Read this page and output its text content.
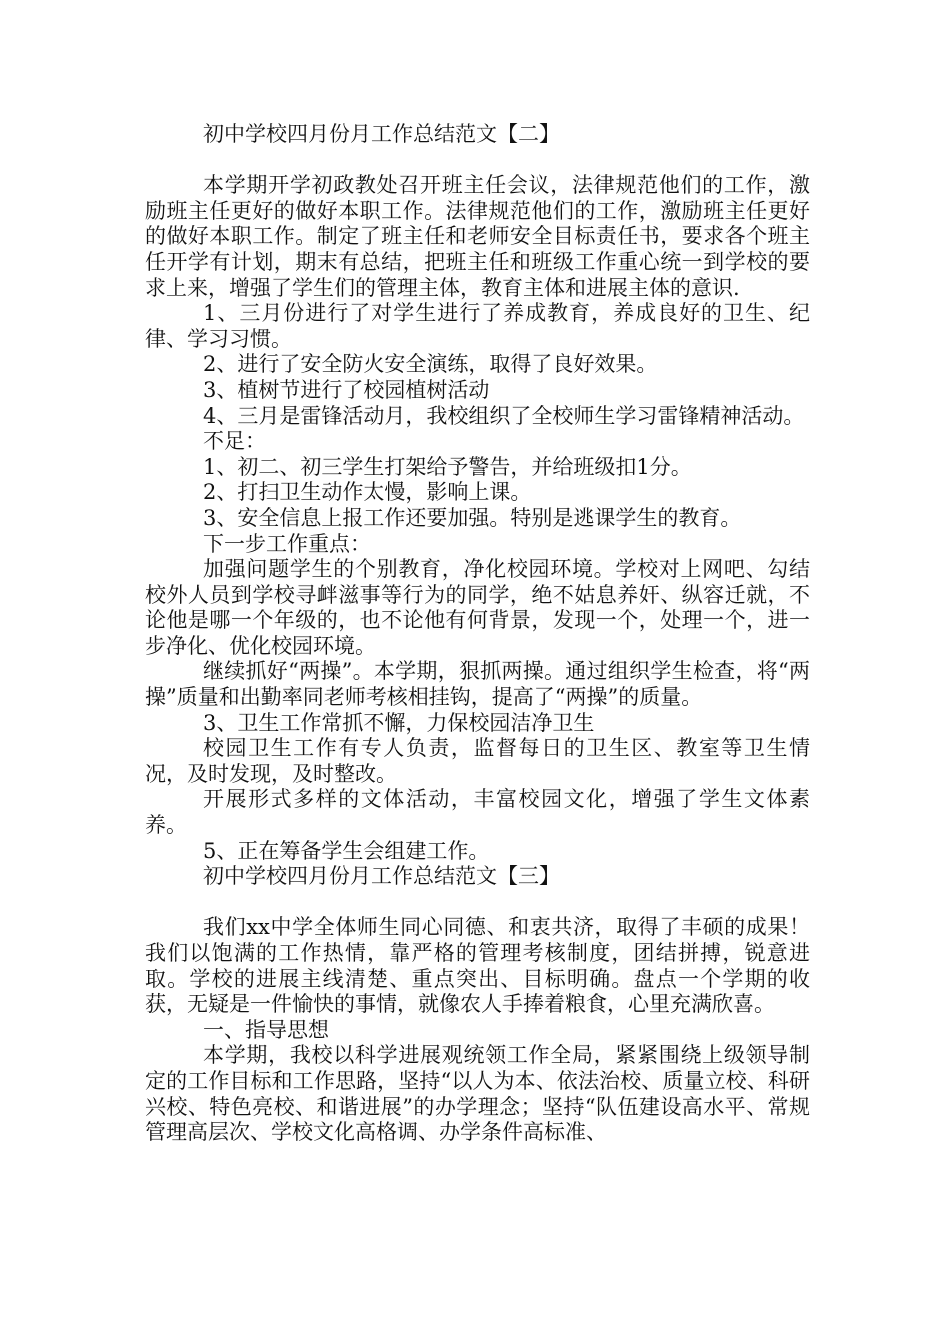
初中学校四月份月工作总结范文【二】

本学期开学初政教处召开班主任会议，法律规范他们的工作，激励班主任更好的做好本职工作。法律规范他们的工作，激励班主任更好的做好本职工作。制定了班主任和老师安全目标责任书，要求各个班主任开学有计划，期末有总结，把班主任和班级工作重心统一到学校的要求上来，增强了学生们的管理主体，教育主体和进展主体的意识.

1、三月份进行了对学生进行了养成教育，养成良好的卫生、纪律、学习习惯。

2、进行了安全防火安全演练，取得了良好效果。

3、植树节进行了校园植树活动

4、三月是雷锋活动月，我校组织了全校师生学习雷锋精神活动。

不足：

1、初二、初三学生打架给予警告，并给班级扣1分。

2、打扫卫生动作太慢，影响上课。

3、安全信息上报工作还要加强。特别是逃课学生的教育。

下一步工作重点：

加强问题学生的个别教育，净化校园环境。学校对上网吧、勾结校外人员到学校寻衅滋事等行为的同学，绝不姑息养奸、纵容迁就，不论他是哪一个年级的，也不论他有何背景，发现一个，处理一个，进一步净化、优化校园环境。

继续抓好“两操”。本学期，狠抓两操。通过组织学生检查，将“两操”质量和出勤率同老师考核相挂钩，提高了“两操”的质量。

3、卫生工作常抓不懈，力保校园洁净卫生

校园卫生工作有专人负责，监督每日的卫生区、教室等卫生情况，及时发现，及时整改。

开展形式多样的文体活动，丰富校园文化，增强了学生文体素养。

5、正在筹备学生会组建工作。

初中学校四月份月工作总结范文【三】

我们xx中学全体师生同心同德、和衷共济，取得了丰硕的成果！我们以饱满的工作热情，靠严格的管理考核制度，团结拼搏，锐意进取。学校的进展主线清楚、重点突出、目标明确。盘点一个学期的收获，无疑是一件愉快的事情，就像农人手捧着粮食，心里充满欣喜。

一、指导思想

本学期，我校以科学进展观统领工作全局，紧紧围绕上级领导制定的工作目标和工作思路，坚持“以人为本、依法治校、质量立校、科研兴校、特色亮校、和谐进展”的办学理念；坚持“队伍建设高水平、常规管理高层次、学校文化高格调、办学条件高标准、
